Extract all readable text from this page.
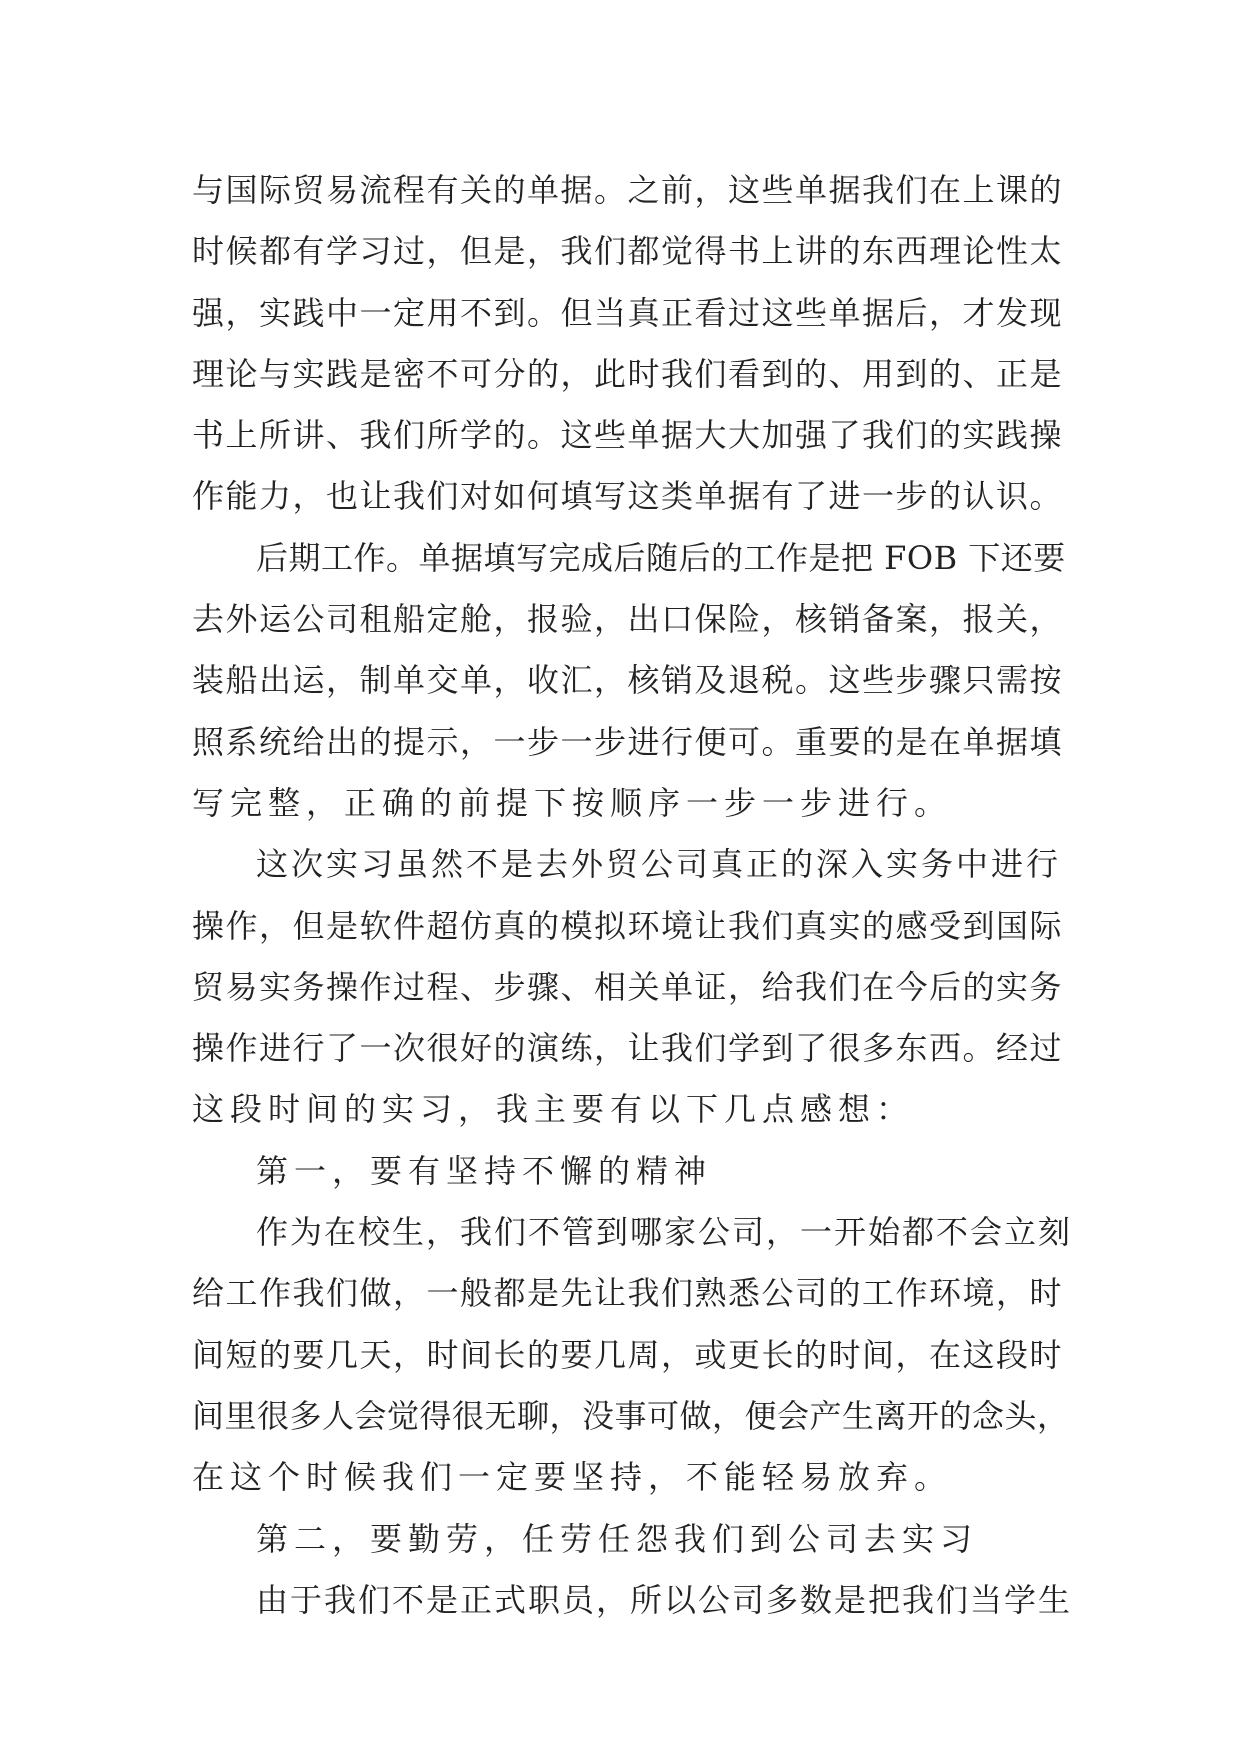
与国际贸易流程有关的单据。之前，这些单据我们在上课的
时候都有学习过，但是，我们都觉得书上讲的东西理论性太
强，实践中一定用不到。但当真正看过这些单据后，才发现
理论与实践是密不可分的，此时我们看到的、用到的、正是
书上所讲、我们所学的。这些单据大大加强了我们的实践操
作能力，也让我们对如何填写这类单据有了进一步的认识。
后期工作。单据填写完成后随后的工作是把 FOB 下还要
去外运公司租船定舱，报验，出口保险，核销备案，报关，
装船出运，制单交单，收汇，核销及退税。这些步骤只需按
照系统给出的提示，一步一步进行便可。重要的是在单据填
写完整，正确的前提下按顺序一步一步进行。
这次实习虽然不是去外贸公司真正的深入实务中进行
操作，但是软件超仿真的模拟环境让我们真实的感受到国际
贸易实务操作过程、步骤、相关单证，给我们在今后的实务
操作进行了一次很好的演练，让我们学到了很多东西。经过
这段时间的实习，我主要有以下几点感想：
第一，要有坚持不懈的精神
作为在校生，我们不管到哪家公司，一开始都不会立刻
给工作我们做，一般都是先让我们熟悉公司的工作环境，时
间短的要几天，时间长的要几周，或更长的时间，在这段时
间里很多人会觉得很无聊，没事可做，便会产生离开的念头，
在这个时候我们一定要坚持，不能轻易放弃。
第二，要勤劳，任劳任怨我们到公司去实习
由于我们不是正式职员，所以公司多数是把我们当学生
